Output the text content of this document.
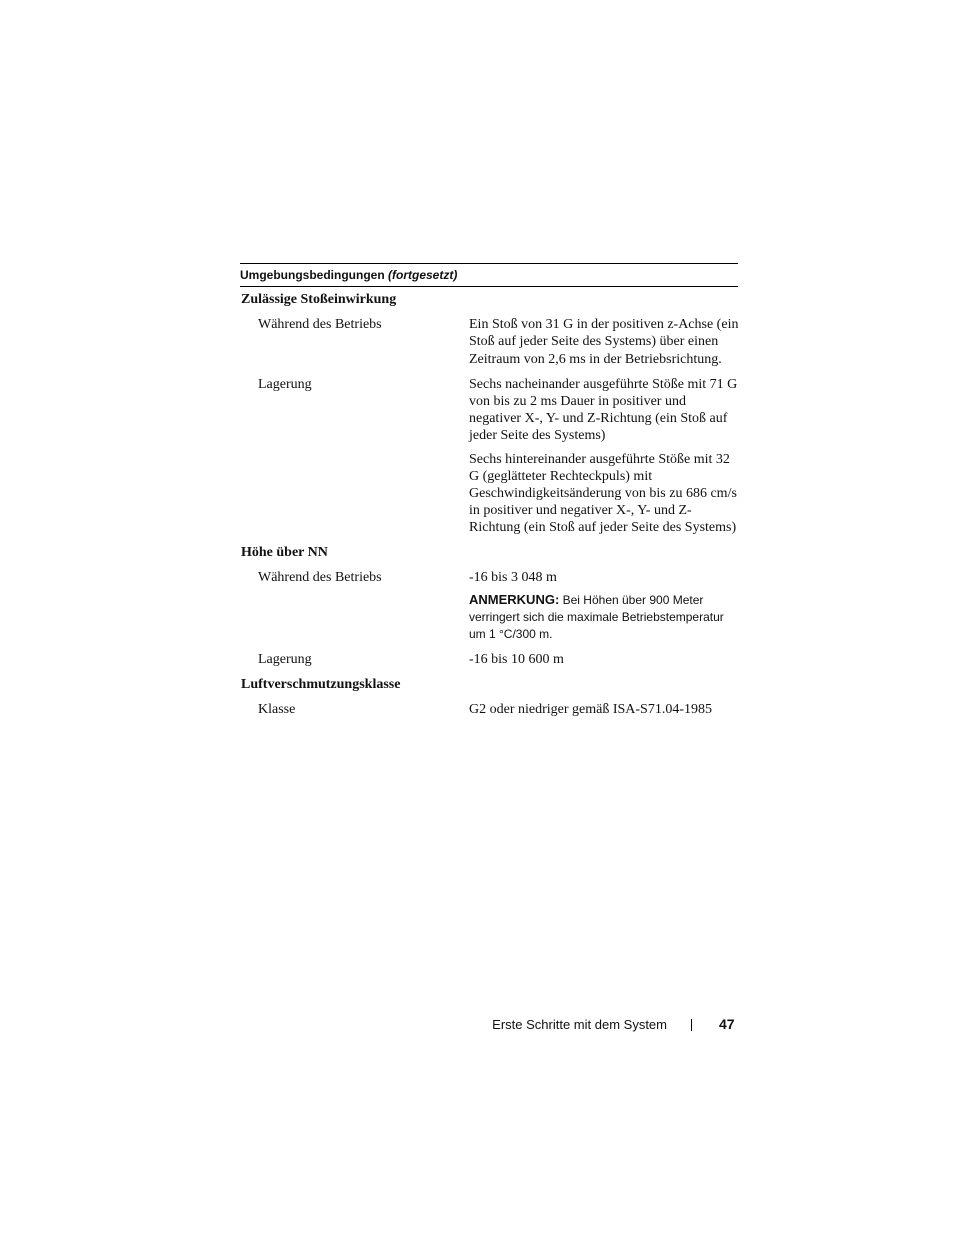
Umgebungsbedingungen (fortgesetzt)
Zulässige Stoßeinwirkung
Während des Betriebs	Ein Stoß von 31 G in der positiven z-Achse (ein Stoß auf jeder Seite des Systems) über einen Zeitraum von 2,6 ms in der Betriebsrichtung.

Lagerung	Sechs nacheinander ausgeführte Stöße mit 71 G von bis zu 2 ms Dauer in positiver und negativer X-, Y- und Z-Richtung (ein Stoß auf jeder Seite des Systems)

Sechs hintereinander ausgeführte Stöße mit 32 G (geglätteter Rechteckpuls) mit Geschwindigkeitsänderung von bis zu 686 cm/s in positiver und negativer X-, Y- und Z-Richtung (ein Stoß auf jeder Seite des Systems)

Höhe über NN
Während des Betriebs	-16 bis 3 048 m

ANMERKUNG: Bei Höhen über 900 Meter verringert sich die maximale Betriebstemperatur um 1 °C/300 m.
Lagerung	-16 bis 10 600 m

Luftverschmutzungsklasse
Klasse	G2 oder niedriger gemäß ISA-S71.04-1985

Erste Schritte mit dem System	47
